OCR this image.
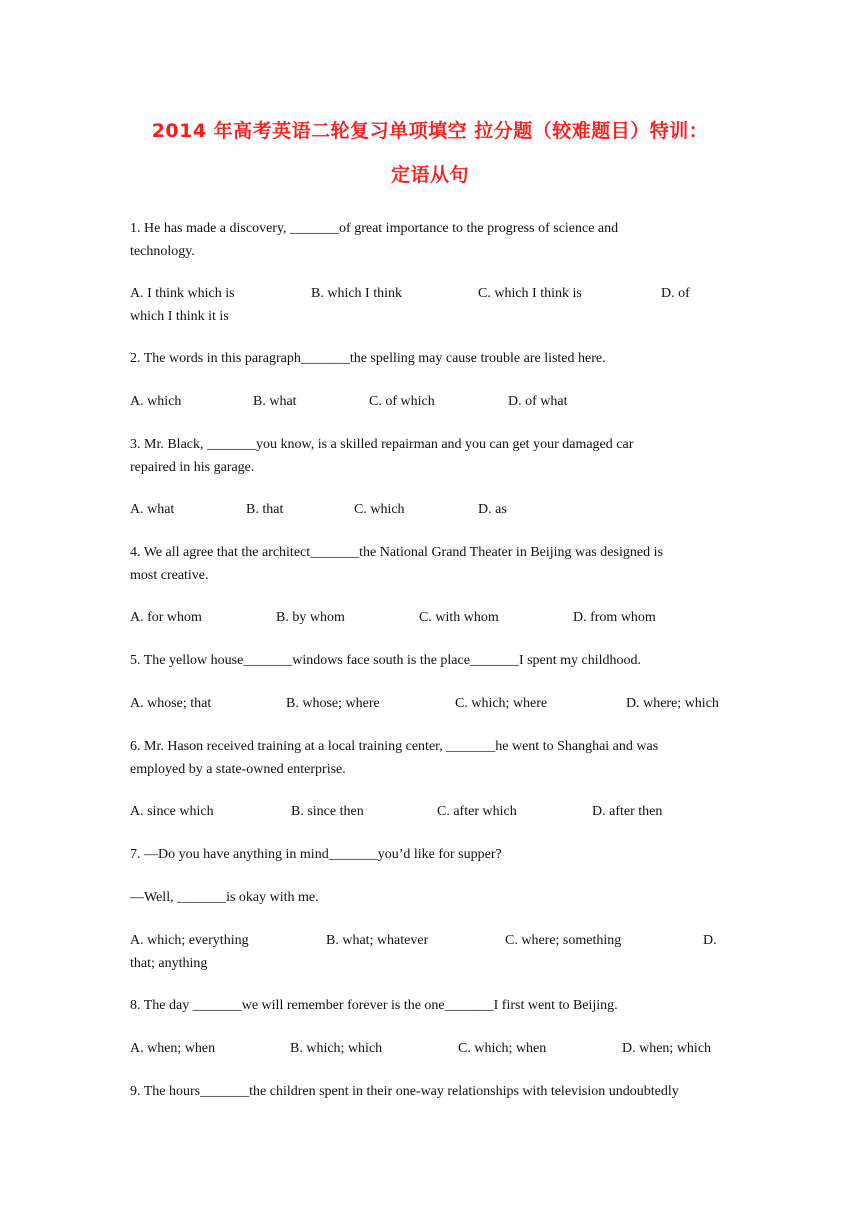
2014 年高考英语二轮复习单项填空 拉分题（较难题目）特训：
定语从句

1. He has made a discovery, _______of great importance to the progress of science and
technology.

A. I think which is	B. which I think	C. which I think is	D. of
which I think it is

2. The words in this paragraph_______the spelling may cause trouble are listed here.

A. which	B. what	C. of which	D. of what

3. Mr. Black, _______you know, is a skilled repairman and you can get your damaged car
repaired in his garage.

A. what	B. that	C. which	D. as

4. We all agree that the architect_______the National Grand Theater in Beijing was designed is
most creative.

A. for whom	B. by whom	C. with whom	D. from whom

5. The yellow house_______windows face south is the place_______I spent my childhood.

A. whose; that	B. whose; where	C. which; where	D. where; which

6. Mr. Hason received training at a local training center, _______he went to Shanghai and was
employed by a state-owned enterprise.

A. since which	B. since then	C. after which	D. after then

7. —Do you have anything in mind_______you’d like for supper?

—Well, _______is okay with me.

A. which; everything	B. what; whatever	C. where; something	D.
that; anything

8. The day _______we will remember forever is the one_______I first went to Beijing.

A. when; when	B. which; which	C. which; when	D. when; which

9. The hours_______the children spent in their one-way relationships with television undoubtedly
